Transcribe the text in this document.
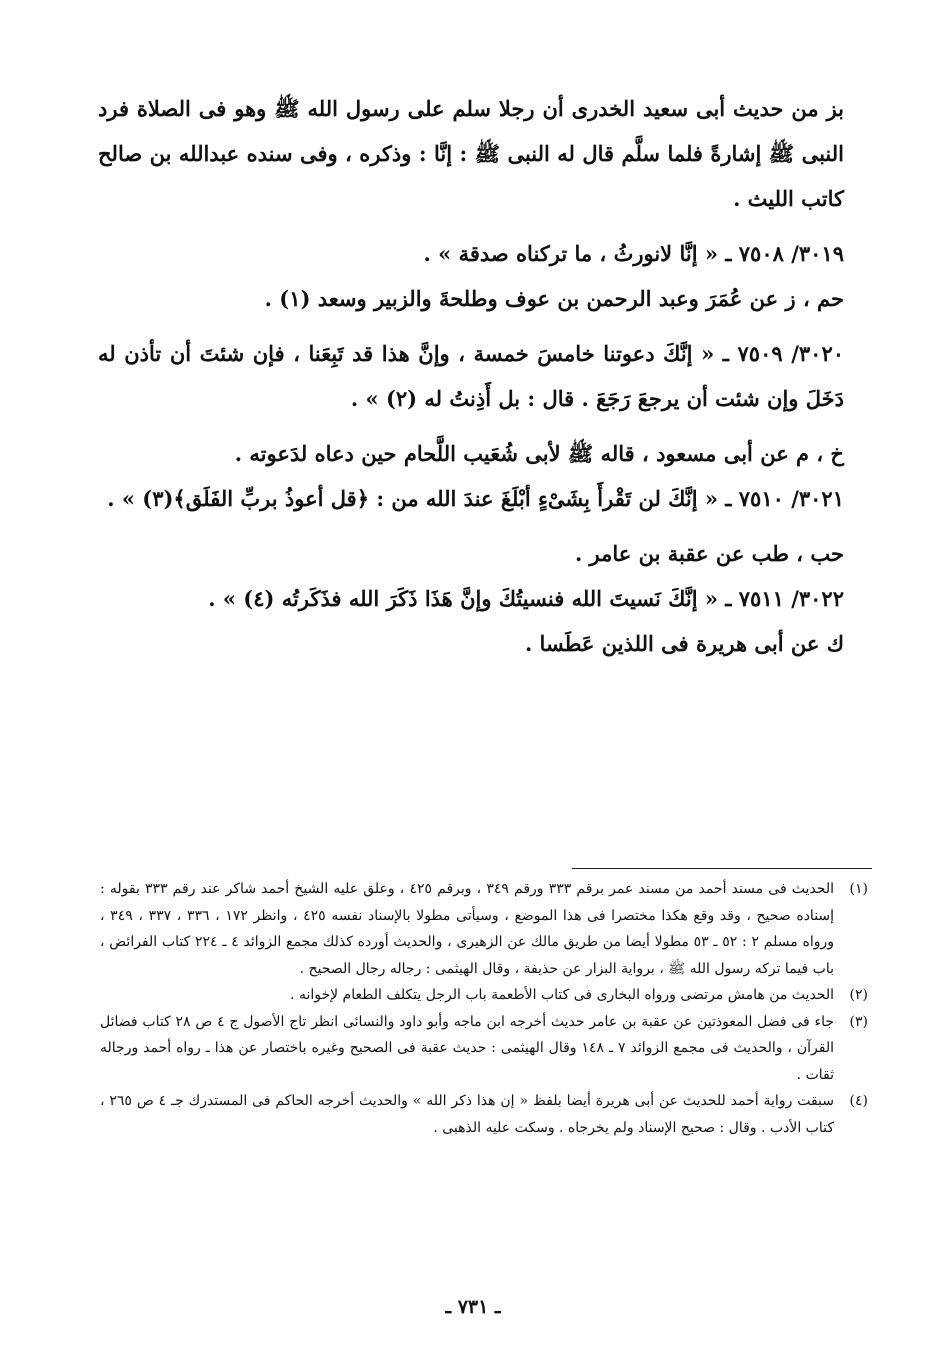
بز من حديث أبى سعيد الخدرى أن رجلا سلم على رسول الله ﷺ وهو فى الصلاة فرد النبى ﷺ إشارةً فلما سلَّم قال له النبى ﷺ : إنَّا : وذكره ، وفى سنده عبدالله بن صالح كاتب الليث .

٣٠١٩/ ٧٥٠٨ ـ « إنَّا لانورثُ ، ما تركناه صدقة » .

حم ، ز عن عُمَرَ وعبد الرحمن بن عوف وطلحةَ والزبير وسعد (١) .

٣٠٢٠/ ٧٥٠٩ ـ « إنَّكَ دعوتنا خامسَ خمسة ، وإنَّ هذا قد تَبِعَنا ، فإن شئتَ أن تأذن له دَخَلَ وإن شئت أن يرجعَ رَجَعَ . قال : بل أَذِنتُ له (٢) » .

خ ، م عن أبى مسعود ، قاله ﷺ لأبى شُعَيب اللَّحام حين دعاه لدَعوته .

٣٠٢١/ ٧٥١٠ ـ « إنَّكَ لن تَقْرأَ بِشَىْءٍ أبْلَغَ عندَ الله من : ﴿قل أعوذُ بربِّ الفَلَق﴾(٣) » .

حب ، طب عن عقبة بن عامر .

٣٠٢٢/ ٧٥١١ ـ « إنَّكَ نَسيتَ الله فنسيتُكَ وإنَّ هَذَا ذَكَرَ الله فذَكَرتُه (٤) » .

ك عن أبى هريرة فى اللذين عَطَسا .

(١)
الحديث فى مسند أحمد من مسند عمر برقم ٣٣٣ ورقم ٣٤٩ ، وبرقم ٤٢٥ ، وعلق عليه الشيخ أحمد شاكر عند رقم ٣٣٣ بقوله : إسناده صحيح ، وقد وقع هكذا مختصرا فى هذا الموضع ، وسيأتى مطولا بالإسناد نفسه ٤٢٥ ، وانظر ١٧٢ ، ٣٣٦ ، ٣٣٧ ، ٣٤٩ ، ورواه مسلم ٢ : ٥٢ ـ ٥٣ مطولا أيضا من طريق مالك عن الزهيرى ، والحديث أورده كذلك مجمع الزوائد ٤ ـ ٢٢٤ كتاب الفرائض ، باب فيما تركه رسول الله ﷺ ، برواية البزار عن حذيفة ، وقال الهيثمى : رجاله رجال الصحيح .
(٢)
الحديث من هامش مرتضى ورواه البخارى فى كتاب الأطعمة باب الرجل يتكلف الطعام لإخوانه .
(٣)
جاء فى فضل المعوذتين عن عقبة بن عامر حديث أخرجه ابن ماجه وأبو داود والنسائى انظر تاج الأصول ج ٤ ص ٢٨ كتاب فضائل القرآن ، والحديث فى مجمع الزوائد ٧ ـ ١٤٨ وقال الهيثمى : حديث عقبة فى الصحيح وغيره باختصار عن هذا ـ رواه أحمد ورجاله ثقات .
(٤)
سبقت رواية أحمد للحديث عن أبى هريرة أيضا بلفظ « إن هذا ذكر الله » والحديث أخرجه الحاكم فى المستدرك جـ ٤ ص ٢٦٥ ، كتاب الأدب . وقال : صحيح الإسناد ولم يخرجاه . وسكت عليه الذهبى .
ـ ٧٣١ ـ
